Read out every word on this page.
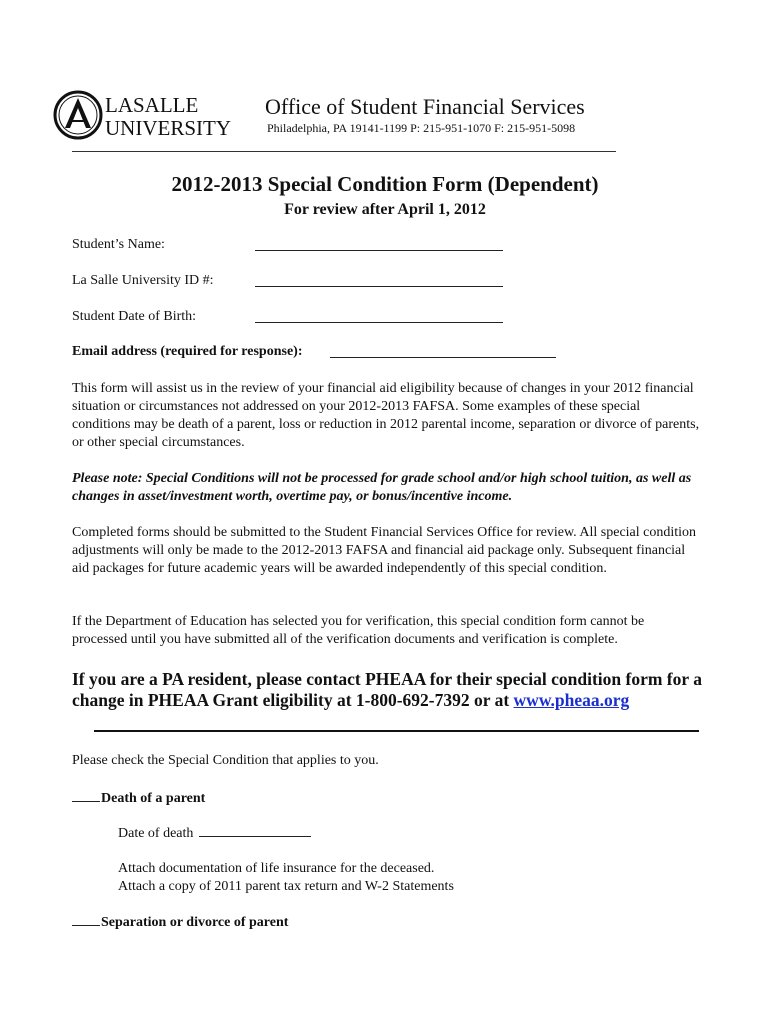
LASALLE
UNIVERSITY
Office of Student Financial Services
Philadelphia, PA 19141-1199 P: 215-951-1070 F: 215-951-5098
2012-2013 Special Condition Form (Dependent)
For review after April 1, 2012
Student’s Name:
La Salle University ID #:
Student Date of Birth:
Email address (required for response):
This form will assist us in the review of your financial aid eligibility because of changes in your 2012 financial situation or circumstances not addressed on your 2012-2013 FAFSA. Some examples of these special conditions may be death of a parent, loss or reduction in 2012 parental income, separation or divorce of parents, or other special circumstances.
Please note: Special Conditions will not be processed for grade school and/or high school tuition, as well as changes in asset/investment worth, overtime pay, or bonus/incentive income.
Completed forms should be submitted to the Student Financial Services Office for review. All special condition adjustments will only be made to the 2012-2013 FAFSA and financial aid package only. Subsequent financial aid packages for future academic years will be awarded independently of this special condition.
If the Department of Education has selected you for verification, this special condition form cannot be processed until you have submitted all of the verification documents and verification is complete.
If you are a PA resident, please contact PHEAA for their special condition form for a change in PHEAA Grant eligibility at 1-800-692-7392 or at www.pheaa.org
Please check the Special Condition that applies to you.
Death of a parent
Date of death
Attach documentation of life insurance for the deceased.
Attach a copy of 2011 parent tax return and W-2 Statements
Separation or divorce of parent
